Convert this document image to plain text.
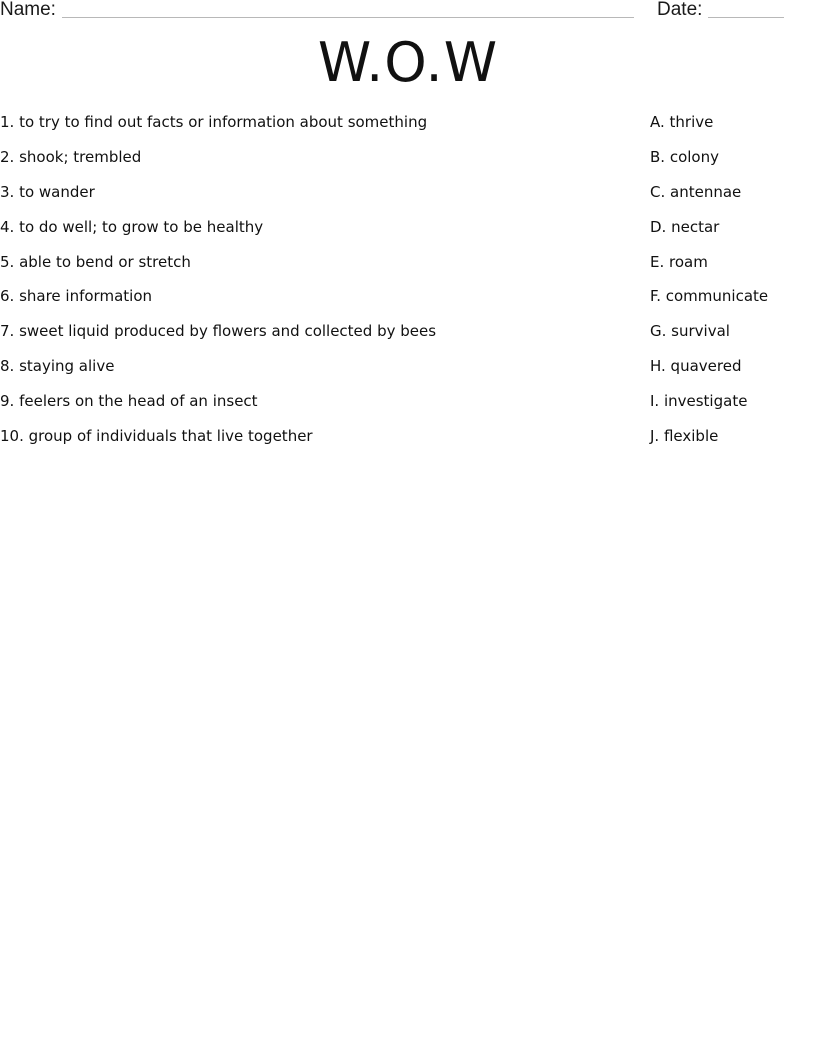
Name:	Date:
W.O.W
1. to try to find out facts or information about something
2. shook; trembled
3. to wander
4. to do well; to grow to be healthy
5. able to bend or stretch
6. share information
7. sweet liquid produced by flowers and collected by bees
8. staying alive
9. feelers on the head of an insect
10. group of individuals that live together
A. thrive
B. colony
C. antennae
D. nectar
E. roam
F. communicate
G. survival
H. quavered
I. investigate
J. flexible
